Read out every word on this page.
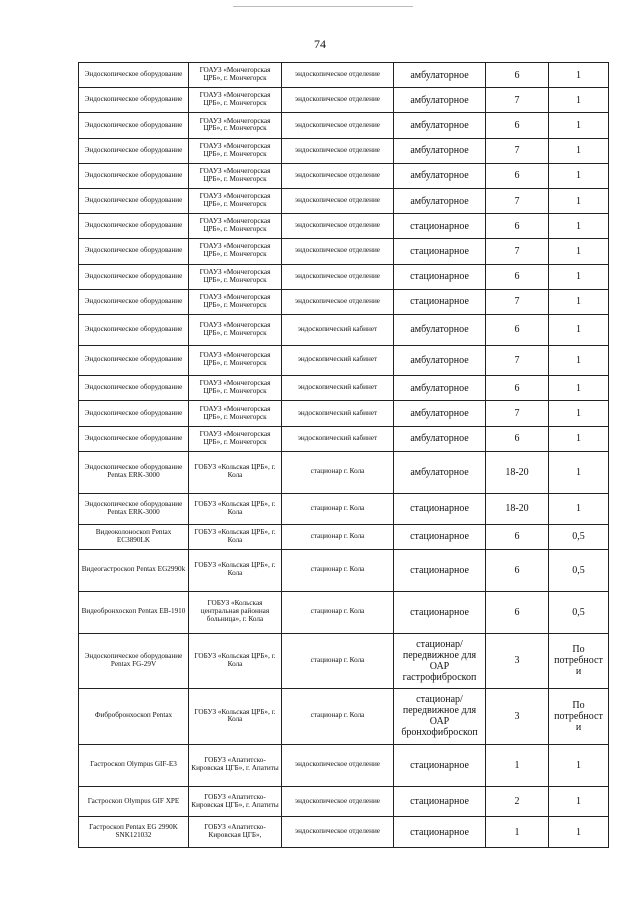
74
Эндоскопическое оборудование	ГОАУЗ «Мончегорская ЦРБ», г. Мончегорск	эндоскопическое отделение	амбулаторное	6	1
Эндоскопическое оборудование	ГОАУЗ «Мончегорская ЦРБ», г. Мончегорск	эндоскопическое отделение	амбулаторное	7	1
Эндоскопическое оборудование	ГОАУЗ «Мончегорская ЦРБ», г. Мончегорск	эндоскопическое отделение	амбулаторное	6	1
Эндоскопическое оборудование	ГОАУЗ «Мончегорская ЦРБ», г. Мончегорск	эндоскопическое отделение	амбулаторное	7	1
Эндоскопическое оборудование	ГОАУЗ «Мончегорская ЦРБ», г. Мончегорск	эндоскопическое отделение	амбулаторное	6	1
Эндоскопическое оборудование	ГОАУЗ «Мончегорская ЦРБ», г. Мончегорск	эндоскопическое отделение	амбулаторное	7	1
Эндоскопическое оборудование	ГОАУЗ «Мончегорская ЦРБ», г. Мончегорск	эндоскопическое отделение	стационарное	6	1
Эндоскопическое оборудование	ГОАУЗ «Мончегорская ЦРБ», г. Мончегорск	эндоскопическое отделение	стационарное	7	1
Эндоскопическое оборудование	ГОАУЗ «Мончегорская ЦРБ», г. Мончегорск	эндоскопическое отделение	стационарное	6	1
Эндоскопическое оборудование	ГОАУЗ «Мончегорская ЦРБ», г. Мончегорск	эндоскопическое отделение	стационарное	7	1
Эндоскопическое оборудование	ГОАУЗ «Мончегорская ЦРБ», г. Мончегорск	эндоскопический кабинет	амбулаторное	6	1
Эндоскопическое оборудование	ГОАУЗ «Мончегорская ЦРБ», г. Мончегорск	эндоскопический кабинет	амбулаторное	7	1
Эндоскопическое оборудование	ГОАУЗ «Мончегорская ЦРБ», г. Мончегорск	эндоскопический кабинет	амбулаторное	6	1
Эндоскопическое оборудование	ГОАУЗ «Мончегорская ЦРБ», г. Мончегорск	эндоскопический кабинет	амбулаторное	7	1
Эндоскопическое оборудование	ГОАУЗ «Мончегорская ЦРБ», г. Мончегорск	эндоскопический кабинет	амбулаторное	6	1
Эндоскопическое оборудование Pentax ERK-3000	ГОБУЗ «Кольская ЦРБ», г. Кола	стационар г. Кола	амбулаторное	18-20	1
Эндоскопическое оборудование Pentax ERK-3000	ГОБУЗ «Кольская ЦРБ», г. Кола	стационар г. Кола	стационарное	18-20	1
Видеоколоноскоп Pentax EC3890LK	ГОБУЗ «Кольская ЦРБ», г. Кола	стационар г. Кола	стационарное	6	0,5
Видеогастроскоп Pentax EG2990k	ГОБУЗ «Кольская ЦРБ», г. Кола	стационар г. Кола	стационарное	6	0,5
Видеобронхоскоп Pentax EB-1910	ГОБУЗ «Кольская центральная районная больница», г. Кола	стационар г. Кола	стационарное	6	0,5
Эндоскопическое оборудование Pentax FG-29V	ГОБУЗ «Кольская ЦРБ», г. Кола	стационар г. Кола	стационар/ передвижное для ОАР гастрофиброскоп	3	По потребност и
Фибробронхоскоп Pentax	ГОБУЗ «Кольская ЦРБ», г. Кола	стационар г. Кола	стационар/ передвижное для ОАР бронхофиброскоп	3	По потребност и
Гастроскоп Olympus GIF-E3	ГОБУЗ «Апатитско-Кировская ЦГБ», г. Апатиты	эндоскопическое отделение	стационарное	1	1
Гастроскоп Olympus GIF XPE	ГОБУЗ «Апатитско-Кировская ЦГБ», г. Апатиты	эндоскопическое отделение	стационарное	2	1
Гастроскоп Pentax EG 2990K SNK121032	ГОБУЗ «Апатитско-Кировская ЦГБ»,	эндоскопическое отделение	стационарное	1	1
